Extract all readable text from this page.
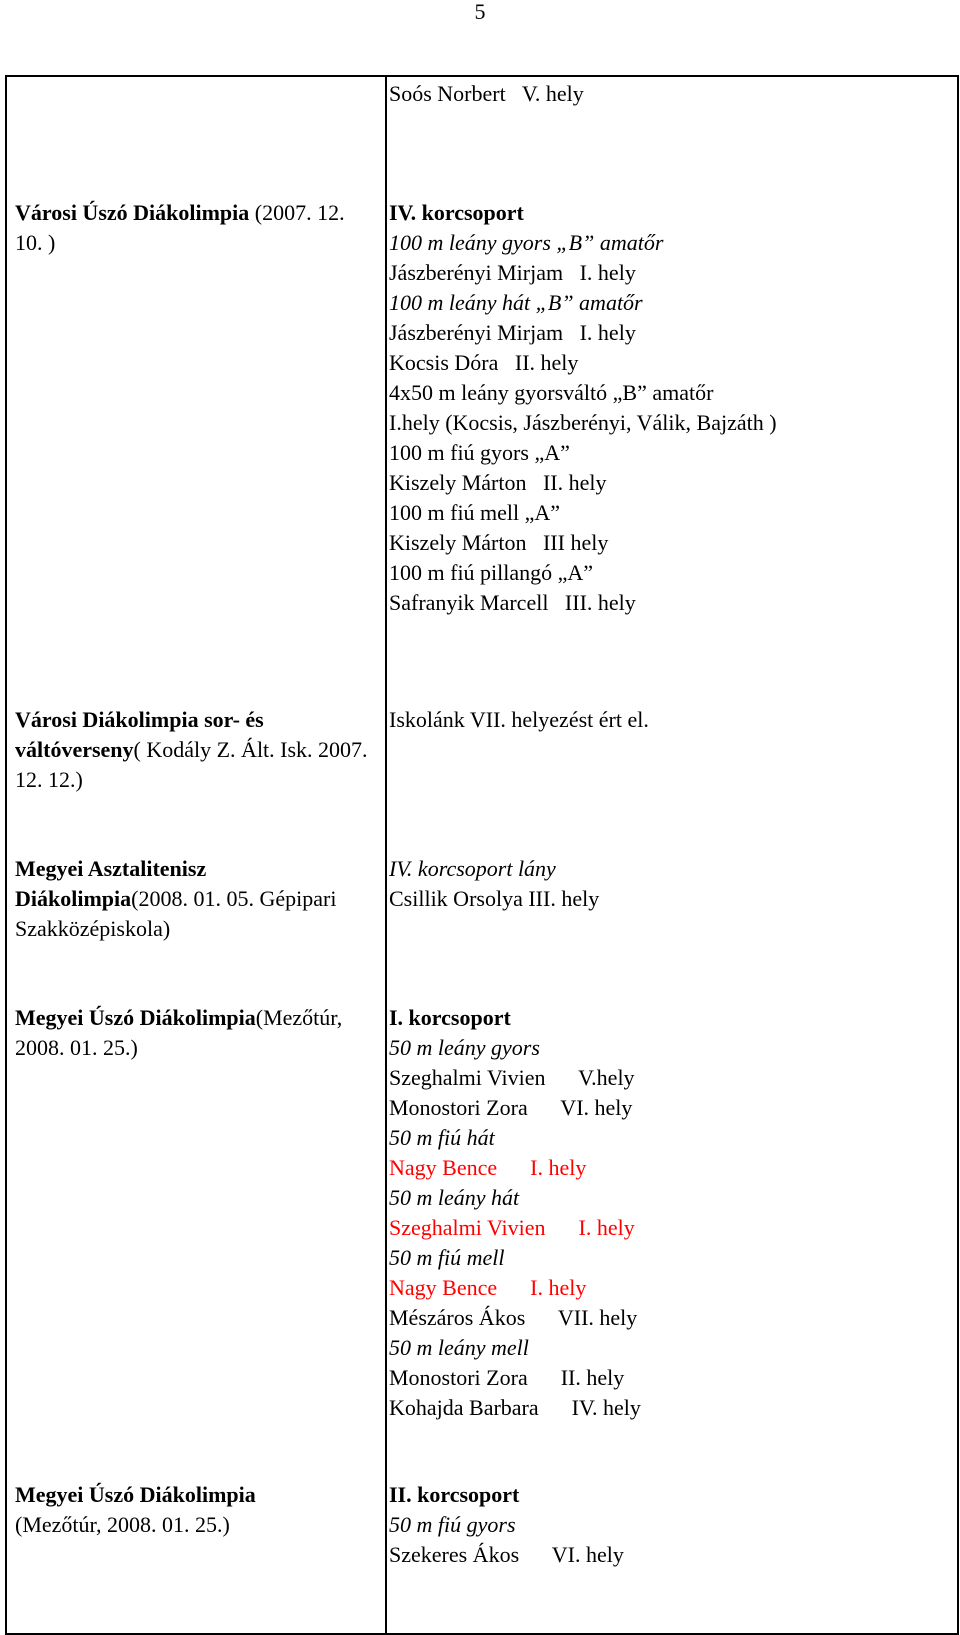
5
Soós Norbert   V. hely
Városi Úszó Diákolimpia (2007. 12. 10. )
IV. korcsoport
100 m leány gyors „B” amatőr
Jászberényi Mirjam   I. hely
100 m leány hát „B” amatőr
Jászberényi Mirjam   I. hely
Kocsis Dóra   II. hely
4x50 m leány gyorsváltó „B” amatőr
I.hely (Kocsis, Jászberényi, Válik, Bajzáth )
100 m fiú gyors „A”
Kiszely Márton   II. hely
100 m fiú mell „A”
Kiszely Márton   III hely
100 m fiú pillangó „A”
Safranyik Marcell   III. hely
Városi Diákolimpia sor- és váltóverseny( Kodály Z. Ált. Isk. 2007. 12. 12.)
Iskolánk VII. helyezést ért el.
Megyei Asztalitenisz Diákolimpia(2008. 01. 05. Gépipari Szakközépiskola)
IV. korcsoport lány
Csillik Orsolya III. hely
Megyei Úszó Diákolimpia(Mezőtúr, 2008. 01. 25.)
I. korcsoport
50 m leány gyors
Szeghalmi Vivien      V.hely
Monostori Zora      VI. hely
50 m fiú hát
Nagy Bence      I. hely
50 m leány hát
Szeghalmi Vivien      I. hely
50 m fiú mell
Nagy Bence      I. hely
Mészáros Ákos      VII. hely
50 m leány mell
Monostori Zora      II. hely
Kohajda Barbara      IV. hely
Megyei Úszó Diákolimpia
(Mezőtúr, 2008. 01. 25.)
II. korcsoport
50 m fiú gyors
Szekeres Ákos      VI. hely
